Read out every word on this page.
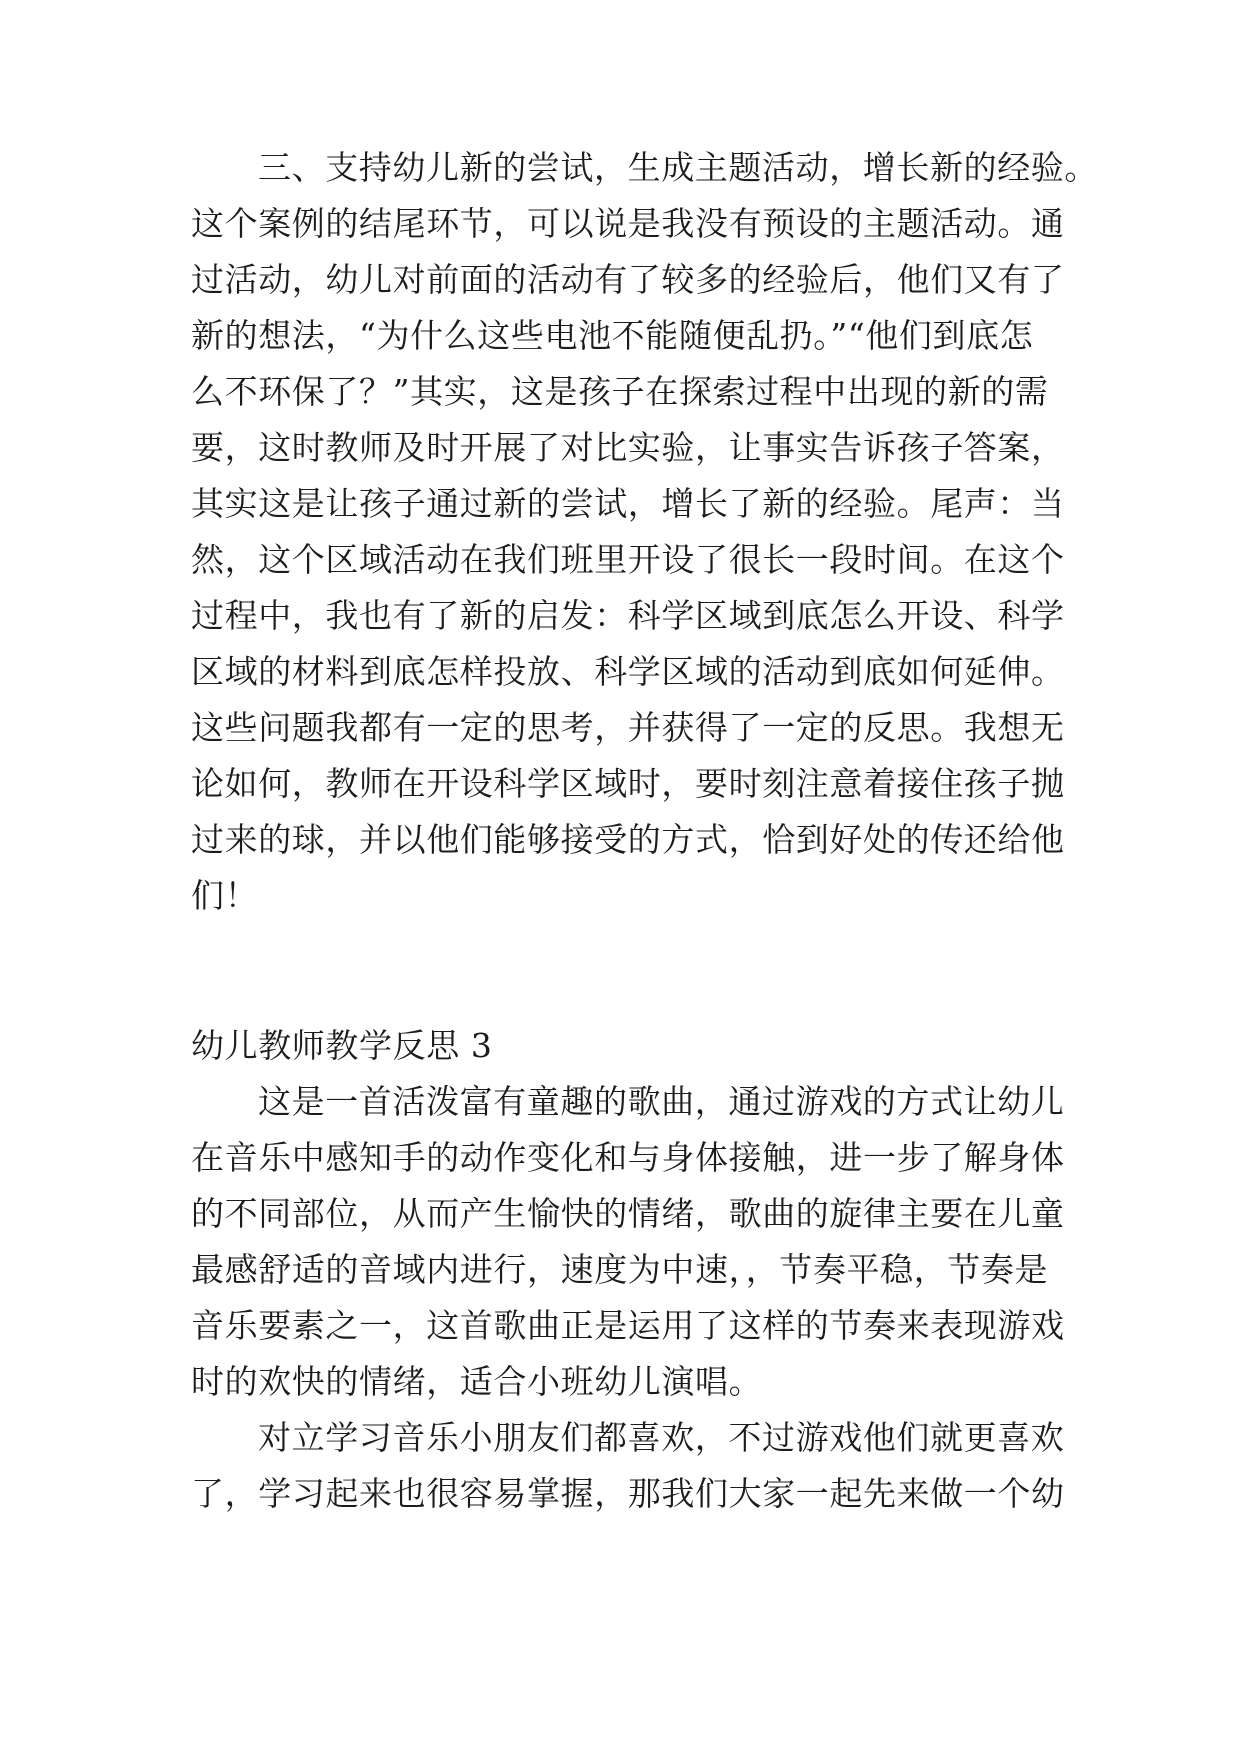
三、支持幼儿新的尝试，生成主题活动，增长新的经验。
这个案例的结尾环节，可以说是我没有预设的主题活动。通
过活动，幼儿对前面的活动有了较多的经验后，他们又有了
新的想法，“为什么这些电池不能随便乱扔。”“他们到底怎
么不环保了？”其实，这是孩子在探索过程中出现的新的需
要，这时教师及时开展了对比实验，让事实告诉孩子答案，
其实这是让孩子通过新的尝试，增长了新的经验。尾声：当
然，这个区域活动在我们班里开设了很长一段时间。在这个
过程中，我也有了新的启发：科学区域到底怎么开设、科学
区域的材料到底怎样投放、科学区域的活动到底如何延伸。
这些问题我都有一定的思考，并获得了一定的反思。我想无
论如何，教师在开设科学区域时，要时刻注意着接住孩子抛
过来的球，并以他们能够接受的方式，恰到好处的传还给他
们！
幼儿教师教学反思 3
这是一首活泼富有童趣的歌曲，通过游戏的方式让幼儿
在音乐中感知手的动作变化和与身体接触，进一步了解身体
的不同部位，从而产生愉快的情绪，歌曲的旋律主要在儿童
最感舒适的音域内进行，速度为中速，，节奏平稳，节奏是
音乐要素之一，这首歌曲正是运用了这样的节奏来表现游戏
时的欢快的情绪，适合小班幼儿演唱。
对立学习音乐小朋友们都喜欢，不过游戏他们就更喜欢
了，学习起来也很容易掌握，那我们大家一起先来做一个幼
